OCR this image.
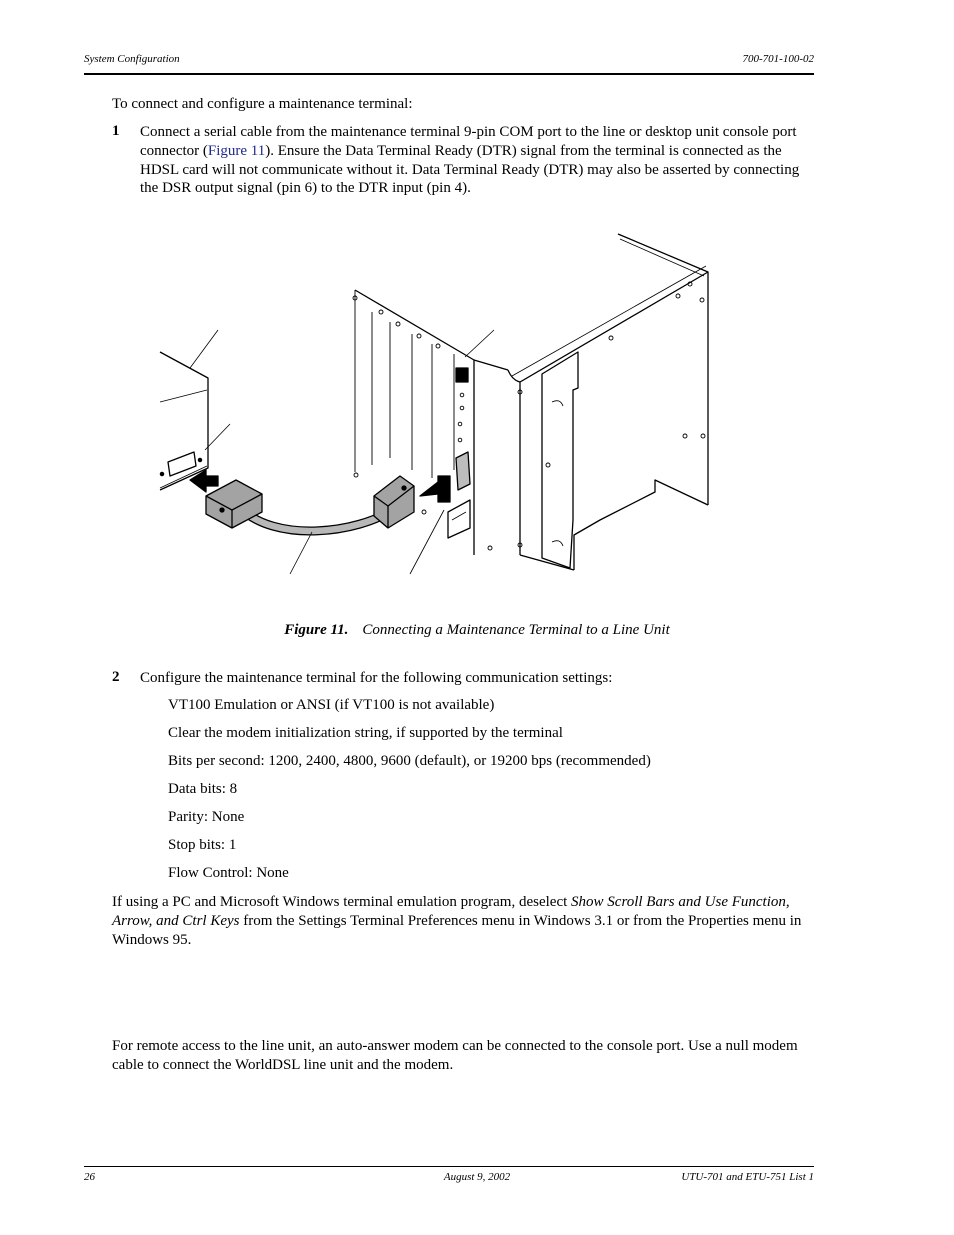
System Configuration	700-701-100-02
To connect and configure a maintenance terminal:
1 Connect a serial cable from the maintenance terminal 9-pin COM port to the line or desktop unit console port connector (Figure 11). Ensure the Data Terminal Ready (DTR) signal from the terminal is connected as the HDSL card will not communicate without it. Data Terminal Ready (DTR) may also be asserted by connecting the DSR output signal (pin 6) to the DTR input (pin 4).
Figure 11. Connecting a Maintenance Terminal to a Line Unit
2 Configure the maintenance terminal for the following communication settings:
VT100 Emulation or ANSI (if VT100 is not available)
Clear the modem initialization string, if supported by the terminal
Bits per second: 1200, 2400, 4800, 9600 (default), or 19200 bps (recommended)
Data bits: 8
Parity: None
Stop bits: 1
Flow Control: None
If using a PC and Microsoft Windows terminal emulation program, deselect Show Scroll Bars and Use Function, Arrow, and Ctrl Keys from the Settings Terminal Preferences menu in Windows 3.1 or from the Properties menu in Windows 95.
For remote access to the line unit, an auto-answer modem can be connected to the console port. Use a null modem cable to connect the WorldDSL line unit and the modem.
26	August 9, 2002	UTU-701 and ETU-751 List 1
